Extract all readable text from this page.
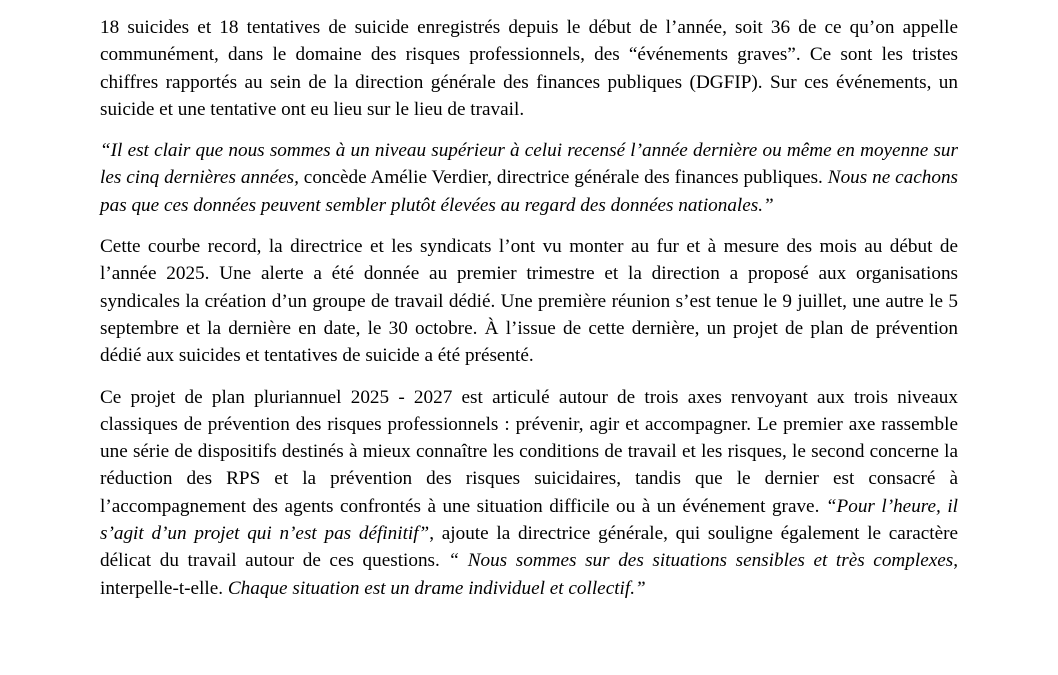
18 suicides et 18 tentatives de suicide enregistrés depuis le début de l’année, soit 36 de ce qu’on appelle communément, dans le domaine des risques professionnels, des “événements graves”. Ce sont les tristes chiffres rapportés au sein de la direction générale des finances publiques (DGFIP). Sur ces événements, un suicide et une tentative ont eu lieu sur le lieu de travail.

“Il est clair que nous sommes à un niveau supérieur à celui recensé l’année dernière ou même en moyenne sur les cinq dernières années, concède Amélie Verdier, directrice générale des finances publiques. Nous ne cachons pas que ces données peuvent sembler plutôt élevées au regard des données nationales.”

Cette courbe record, la directrice et les syndicats l’ont vu monter au fur et à mesure des mois au début de l’année 2025. Une alerte a été donnée au premier trimestre et la direction a proposé aux organisations syndicales la création d’un groupe de travail dédié. Une première réunion s’est tenue le 9 juillet, une autre le 5 septembre et la dernière en date, le 30 octobre. À l’issue de cette dernière, un projet de plan de prévention dédié aux suicides et tentatives de suicide a été présenté.

Ce projet de plan pluriannuel 2025 - 2027 est articulé autour de trois axes renvoyant aux trois niveaux classiques de prévention des risques professionnels : prévenir, agir et accompagner. Le premier axe rassemble une série de dispositifs destinés à mieux connaître les conditions de travail et les risques, le second concerne la réduction des RPS et la prévention des risques suicidaires, tandis que le dernier est consacré à l’accompagnement des agents confrontés à une situation difficile ou à un événement grave. “Pour l’heure, il s’agit d’un projet qui n’est pas définitif”, ajoute la directrice générale, qui souligne également le caractère délicat du travail autour de ces questions. “ Nous sommes sur des situations sensibles et très complexes, interpelle-t-elle. Chaque situation est un drame individuel et collectif.”
